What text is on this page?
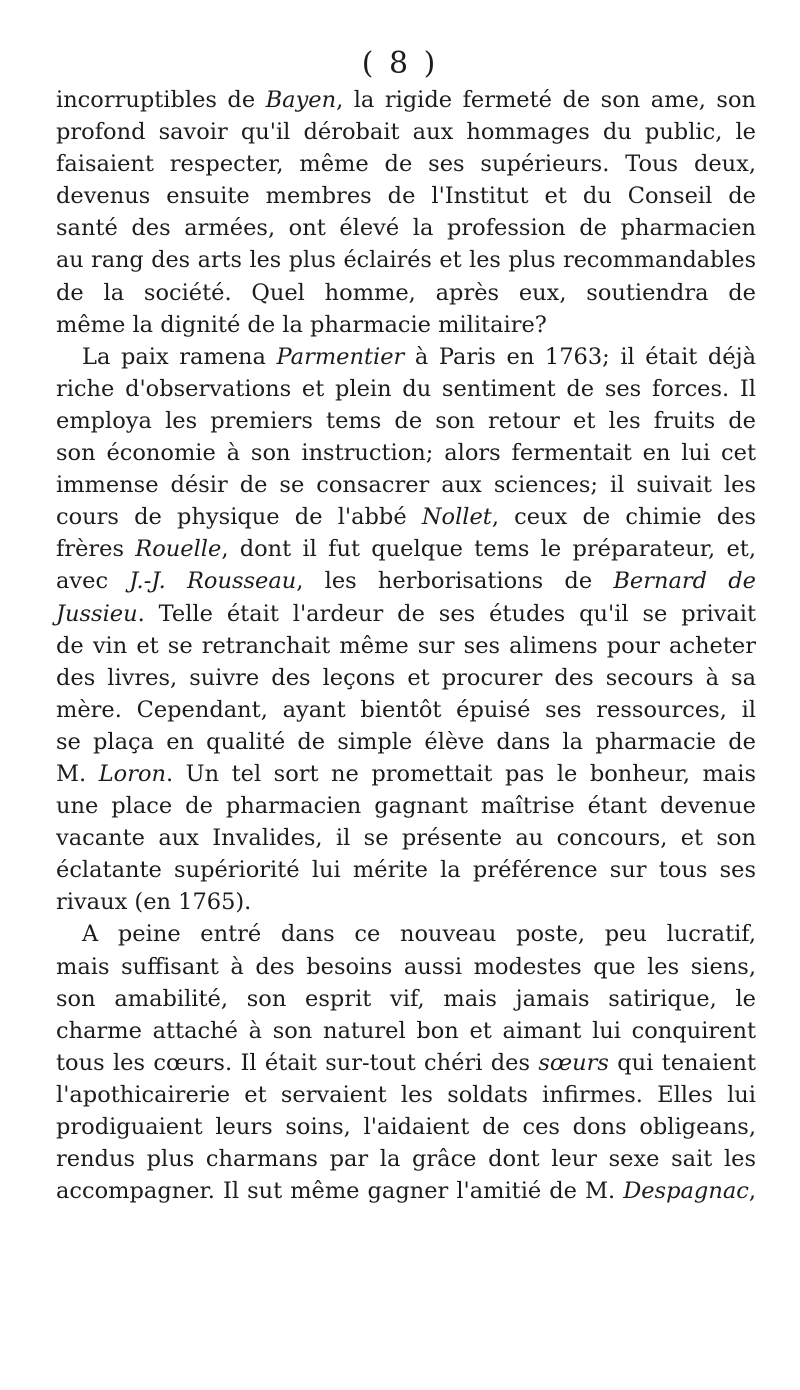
( 8 )
incorruptibles de Bayen, la rigide fermeté de son ame, son
profond savoir qu'il dérobait aux hommages du public, le
faisaient respecter, même de ses supérieurs. Tous deux,
devenus ensuite membres de l'Institut et du Conseil de
santé des armées, ont élevé la profession de pharmacien
au rang des arts les plus éclairés et les plus recommandables
de la société. Quel homme, après eux, soutiendra de
même la dignité de la pharmacie militaire?
La paix ramena Parmentier à Paris en 1763; il était déjà
riche d'observations et plein du sentiment de ses forces. Il
employa les premiers tems de son retour et les fruits de
son économie à son instruction; alors fermentait en lui cet
immense désir de se consacrer aux sciences; il suivait les
cours de physique de l'abbé Nollet, ceux de chimie des
frères Rouelle, dont il fut quelque tems le préparateur, et,
avec J.-J. Rousseau, les herborisations de Bernard de
Jussieu. Telle était l'ardeur de ses études qu'il se privait
de vin et se retranchait même sur ses alimens pour acheter
des livres, suivre des leçons et procurer des secours à sa
mère. Cependant, ayant bientôt épuisé ses ressources, il
se plaça en qualité de simple élève dans la pharmacie de
M. Loron. Un tel sort ne promettait pas le bonheur, mais
une place de pharmacien gagnant maîtrise étant devenue
vacante aux Invalides, il se présente au concours, et son
éclatante supériorité lui mérite la préférence sur tous ses
rivaux (en 1765).
A peine entré dans ce nouveau poste, peu lucratif,
mais suffisant à des besoins aussi modestes que les siens,
son amabilité, son esprit vif, mais jamais satirique, le
charme attaché à son naturel bon et aimant lui conquirent
tous les cœurs. Il était sur-tout chéri des sœurs qui tenaient
l'apothicairerie et servaient les soldats infirmes. Elles lui
prodiguaient leurs soins, l'aidaient de ces dons obligeans,
rendus plus charmans par la grâce dont leur sexe sait les
accompagner. Il sut même gagner l'amitié de M. Despagnac,
